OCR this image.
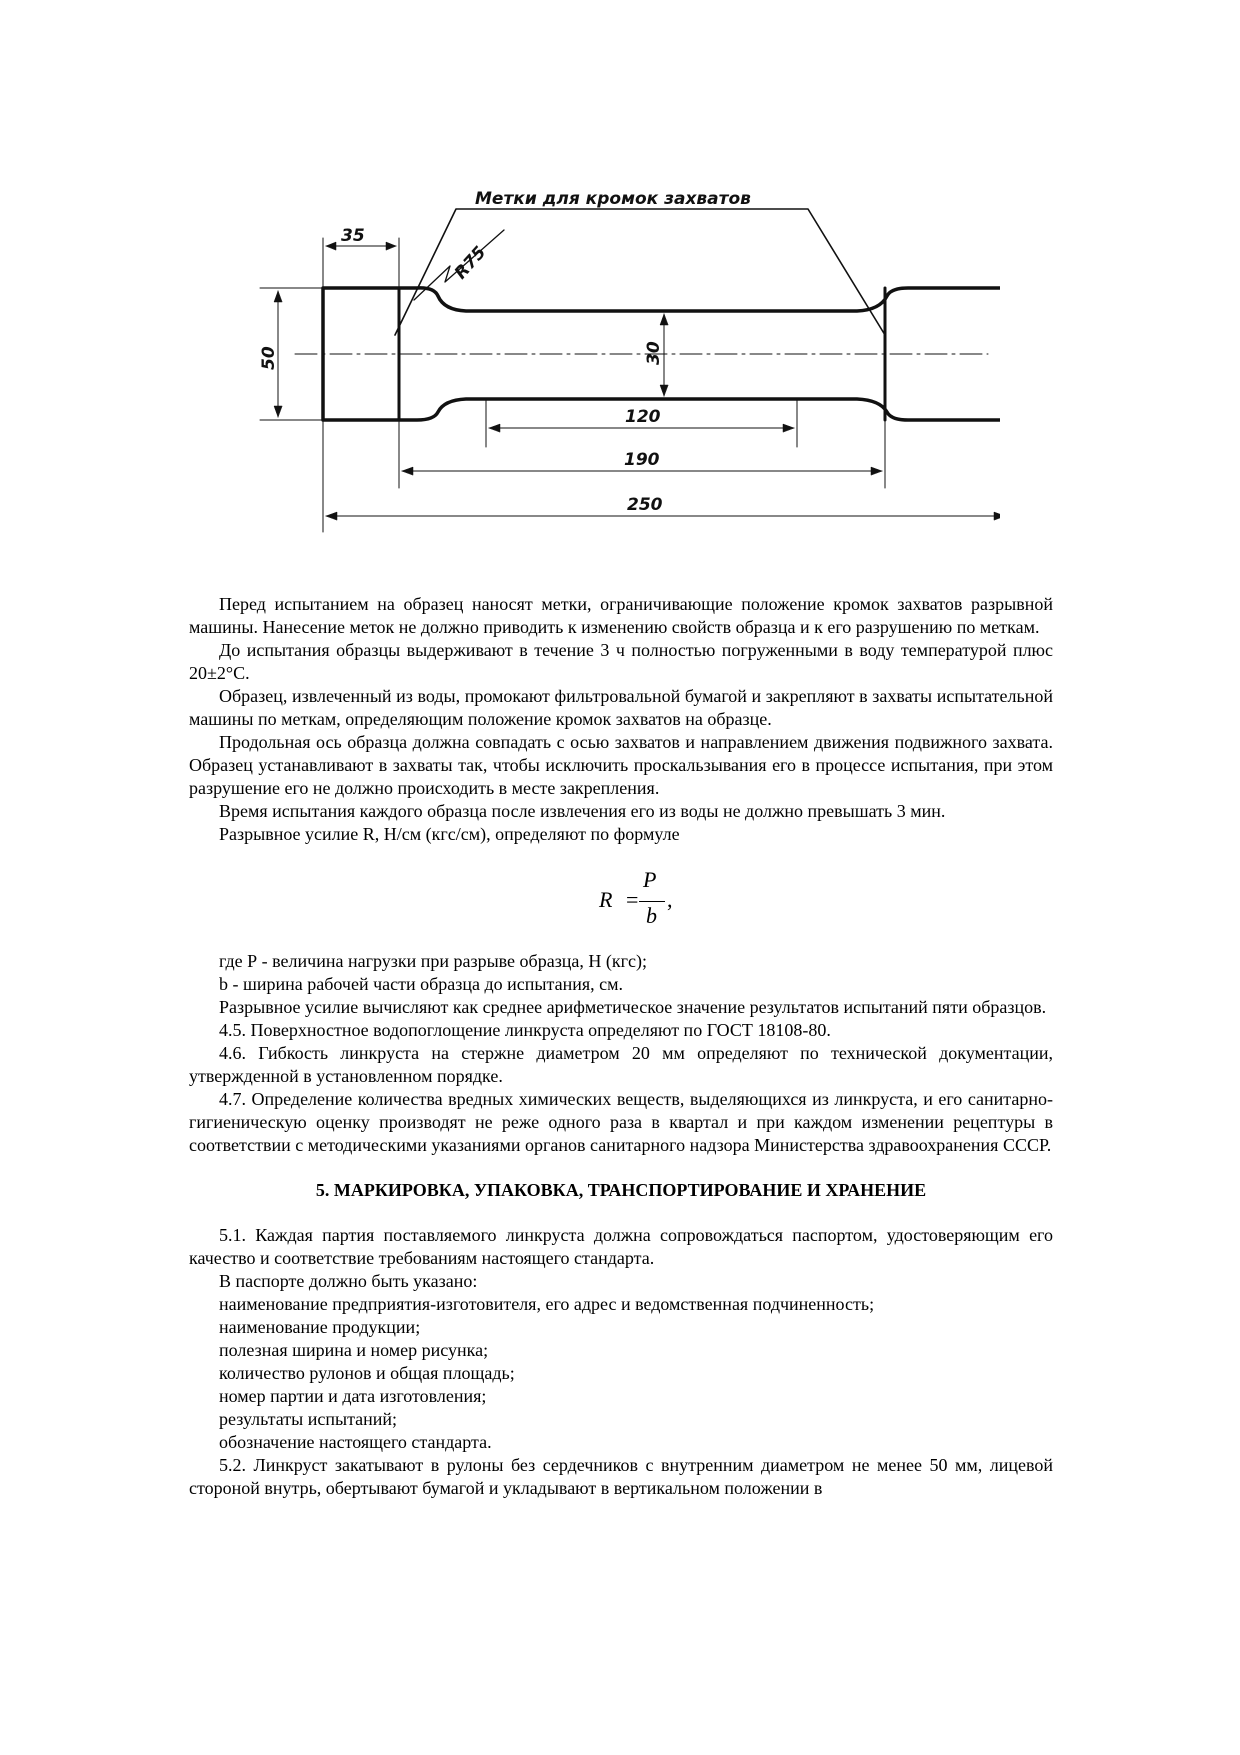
Метки для кромок захватов
R75
35
50	30
120
190
250

Перед испытанием на образец наносят метки, ограничивающие положение кромок захватов разрывной машины. Нанесение меток не должно приводить к изменению свойств образца и к его разрушению по меткам.

До испытания образцы выдерживают в течение 3 ч полностью погруженными в воду температурой плюс 20±2°С.

Образец, извлеченный из воды, промокают фильтровальной бумагой и закрепляют в захваты испытательной машины по меткам, определяющим положение кромок захватов на образце.

Продольная ось образца должна совпадать с осью захватов и направлением движения подвижного захвата. Образец устанавливают в захваты так, чтобы исключить проскальзывания его в процессе испытания, при этом разрушение его не должно происходить в месте закрепления.

Время испытания каждого образца после извлечения его из воды не должно превышать 3 мин.

Разрывное усилие R, Н/см (кгс/см), определяют по формуле

R =
P
b
,

где Р - величина нагрузки при разрыве образца, Н (кгс);

b - ширина рабочей части образца до испытания, см.

Разрывное усилие вычисляют как среднее арифметическое значение результатов испытаний пяти образцов.

4.5. Поверхностное водопоглощение линкруста определяют по ГОСТ 18108-80.

4.6. Гибкость линкруста на стержне диаметром 20 мм определяют по технической документации, утвержденной в установленном порядке.

4.7. Определение количества вредных химических веществ, выделяющихся из линкруста, и его санитарно-гигиеническую оценку производят не реже одного раза в квартал и при каждом изменении рецептуры в соответствии с методическими указаниями органов санитарного надзора Министерства здравоохранения СССР.

5. МАРКИРОВКА, УПАКОВКА, ТРАНСПОРТИРОВАНИЕ И ХРАНЕНИЕ

5.1. Каждая партия поставляемого линкруста должна сопровождаться паспортом, удостоверяющим его качество и соответствие требованиям настоящего стандарта.

В паспорте должно быть указано:

наименование предприятия-изготовителя, его адрес и ведомственная подчиненность;

наименование продукции;

полезная ширина и номер рисунка;

количество рулонов и общая площадь;

номер партии и дата изготовления;

результаты испытаний;

обозначение настоящего стандарта.

5.2. Линкруст закатывают в рулоны без сердечников с внутренним диаметром не менее 50 мм, лицевой стороной внутрь, обертывают бумагой и укладывают в вертикальном положении в
